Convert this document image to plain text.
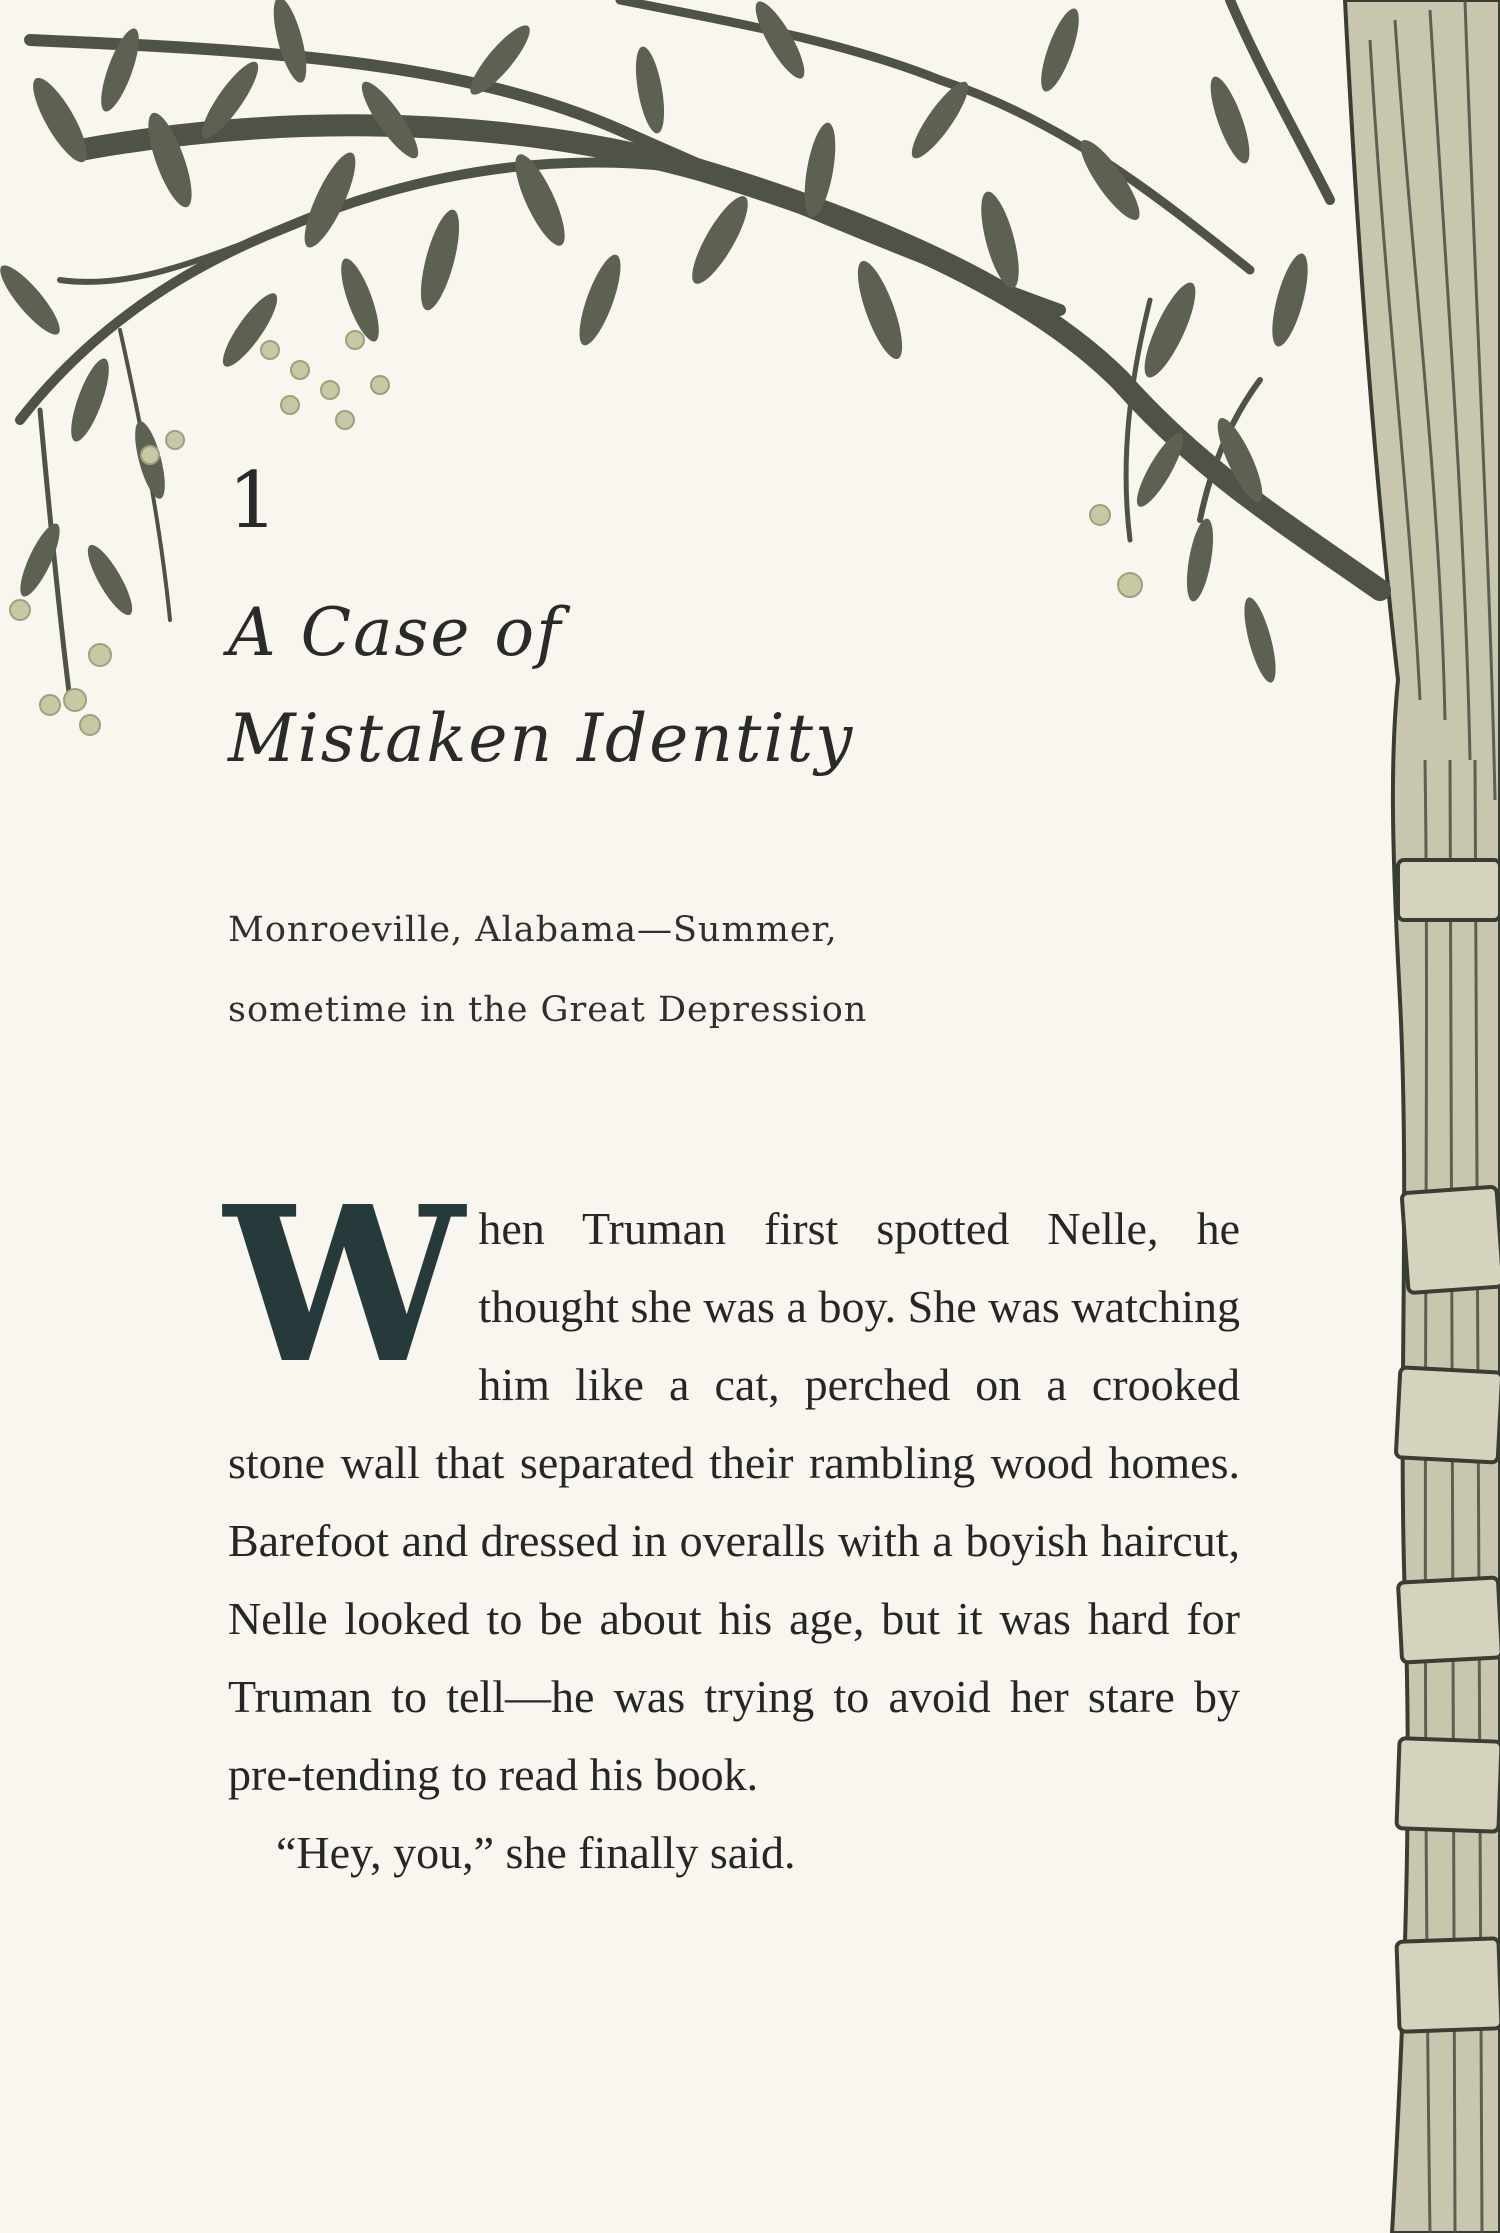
1
A Case of
Mistaken Identity
Monroeville, Alabama—Summer,
sometime in the Great Depression

When Truman first spotted Nelle, he thought she was a boy. She was watching him like a cat, perched on a crooked stone wall that separated their rambling wood homes. Barefoot and dressed in overalls with a boyish haircut, Nelle looked to be about his age, but it was hard for Truman to tell—he was trying to avoid her stare by pre-tending to read his book.

“Hey, you,” she finally said.
